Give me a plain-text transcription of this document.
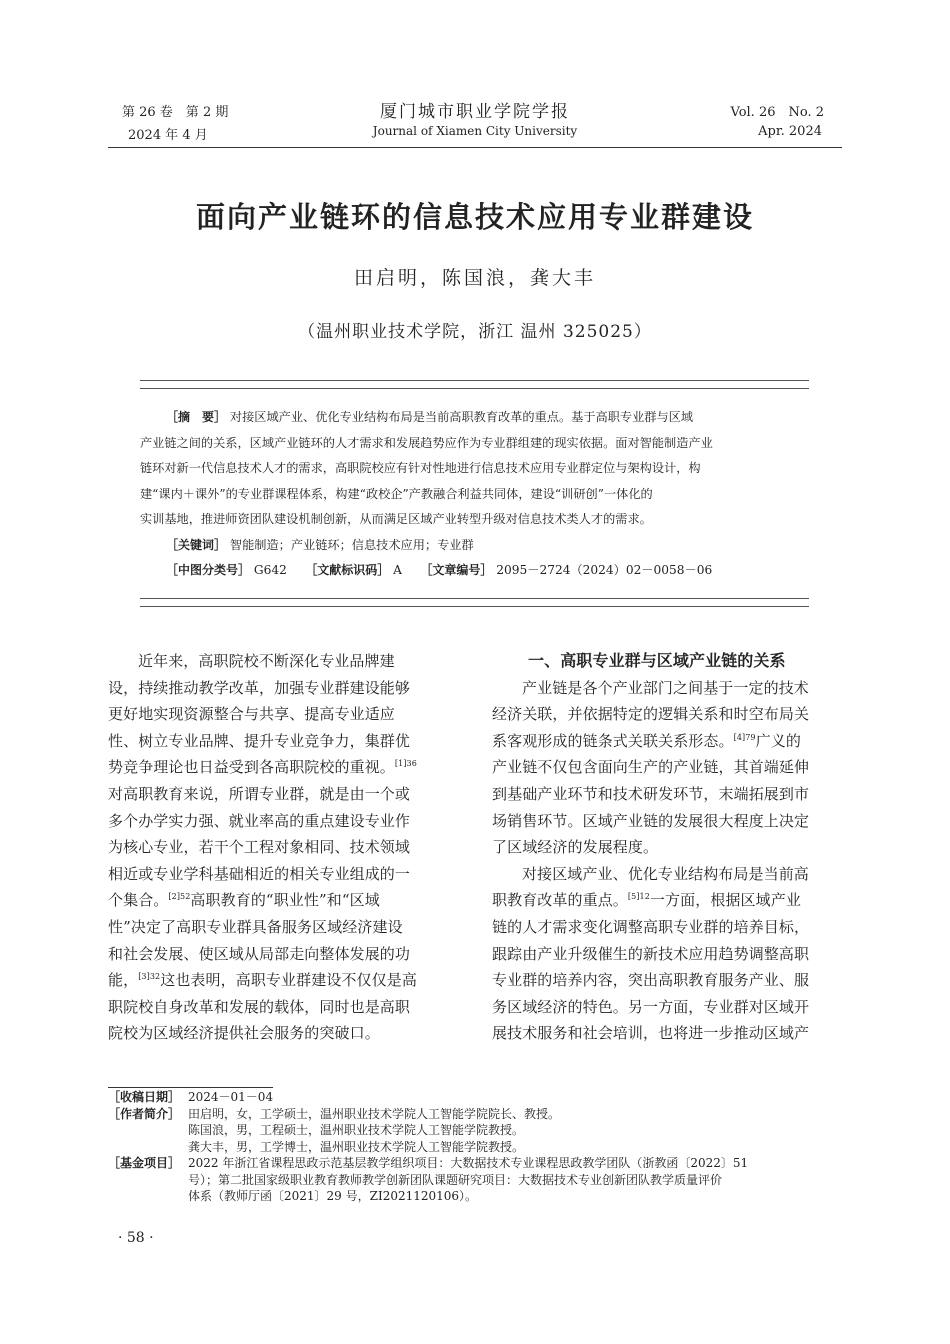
第 26 卷　第 2 期
2024 年 4 月
厦门城市职业学院学报
Journal of Xiamen City University
Vol. 26　No. 2
Apr. 2024
面向产业链环的信息技术应用专业群建设
田启明，陈国浪，龚大丰
（温州职业技术学院，浙江 温州 325025）
［摘　要］ 对接区域产业、优化专业结构布局是当前高职教育改革的重点。基于高职专业群与区域
产业链之间的关系，区域产业链环的人才需求和发展趋势应作为专业群组建的现实依据。面对智能制造产业
链环对新一代信息技术人才的需求，高职院校应有针对性地进行信息技术应用专业群定位与架构设计，构
建“课内＋课外”的专业群课程体系，构建“政校企”产教融合利益共同体，建设“训研创”一体化的
实训基地，推进师资团队建设机制创新，从而满足区域产业转型升级对信息技术类人才的需求。
［关键词］ 智能制造；产业链环；信息技术应用；专业群
［中图分类号］ G642　　 ［文献标识码］ A　　 ［文章编号］ 2095－2724（2024）02－0058－06
近年来，高职院校不断深化专业品牌建
设，持续推动教学改革，加强专业群建设能够
更好地实现资源整合与共享、提高专业适应
性、树立专业品牌、提升专业竞争力，集群优
势竞争理论也日益受到各高职院校的重视。$^{[1]36}$
对高职教育来说，所谓专业群，就是由一个或
多个办学实力强、就业率高的重点建设专业作
为核心专业，若干个工程对象相同、技术领域
相近或专业学科基础相近的相关专业组成的一
个集合。$^{[2]52}$高职教育的“职业性”和“区域
性”决定了高职专业群具备服务区域经济建设
和社会发展、使区域从局部走向整体发展的功
能，$^{[3]32}$这也表明，高职专业群建设不仅仅是高
职院校自身改革和发展的载体，同时也是高职
院校为区域经济提供社会服务的突破口。
一、高职专业群与区域产业链的关系
产业链是各个产业部门之间基于一定的技术
经济关联，并依据特定的逻辑关系和时空布局关
系客观形成的链条式关联关系形态。$^{[4]79}$广义的
产业链不仅包含面向生产的产业链，其首端延伸
到基础产业环节和技术研发环节，末端拓展到市
场销售环节。区域产业链的发展很大程度上决定
了区域经济的发展程度。
对接区域产业、优化专业结构布局是当前高
职教育改革的重点。$^{[5]12}$一方面，根据区域产业
链的人才需求变化调整高职专业群的培养目标，
跟踪由产业升级催生的新技术应用趋势调整高职
专业群的培养内容，突出高职教育服务产业、服
务区域经济的特色。另一方面，专业群对区域开
展技术服务和社会培训，也将进一步推动区域产
［收稿日期］ 2024－01－04
［作者简介］ 田启明，女，工学硕士，温州职业技术学院人工智能学院院长、教授。
陈国浪，男，工程硕士，温州职业技术学院人工智能学院教授。
龚大丰，男，工学博士，温州职业技术学院人工智能学院教授。
［基金项目］ 2022 年浙江省课程思政示范基层教学组织项目：大数据技术专业课程思政教学团队（浙教函〔2022〕51
号）；第二批国家级职业教育教师教学创新团队课题研究项目：大数据技术专业创新团队教学质量评价
体系（教师厅函〔2021〕29 号，ZI2021120106）。
· 58 ·
